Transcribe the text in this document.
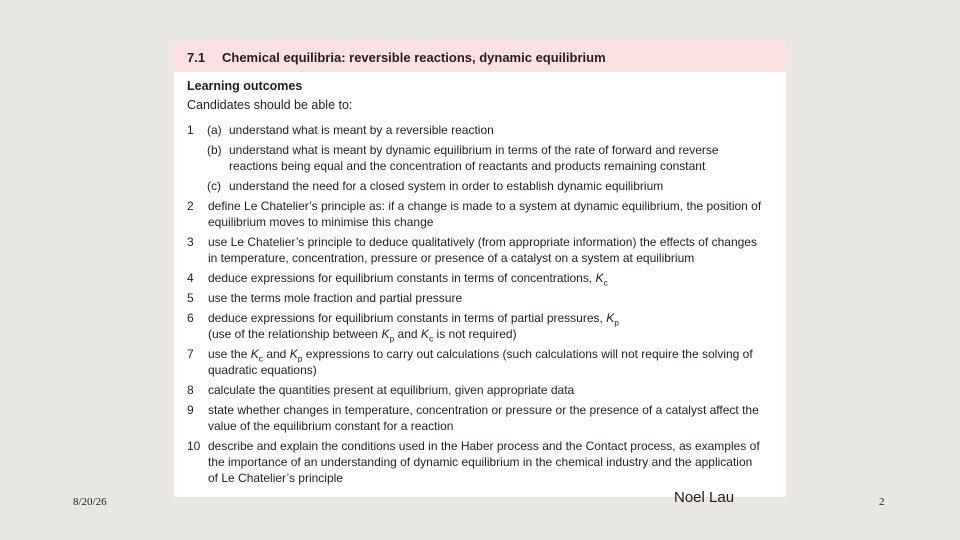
7.1 Chemical equilibria: reversible reactions, dynamic equilibrium
Learning outcomes
Candidates should be able to:
1 (a) understand what is meant by a reversible reaction
(b) understand what is meant by dynamic equilibrium in terms of the rate of forward and reverse
reactions being equal and the concentration of reactants and products remaining constant
(c) understand the need for a closed system in order to establish dynamic equilibrium
2 define Le Chatelier’s principle as: if a change is made to a system at dynamic equilibrium, the position of
equilibrium moves to minimise this change
3 use Le Chatelier’s principle to deduce qualitatively (from appropriate information) the effects of changes
in temperature, concentration, pressure or presence of a catalyst on a system at equilibrium
4 deduce expressions for equilibrium constants in terms of concentrations, $K_c$
5 use the terms mole fraction and partial pressure
6 deduce expressions for equilibrium constants in terms of partial pressures, $K_p$
(use of the relationship between $K_p$ and $K_c$ is not required)
7 use the $K_c$ and $K_p$ expressions to carry out calculations (such calculations will not require the solving of
quadratic equations)
8 calculate the quantities present at equilibrium, given appropriate data
9 state whether changes in temperature, concentration or pressure or the presence of a catalyst affect the
value of the equilibrium constant for a reaction
10 describe and explain the conditions used in the Haber process and the Contact process, as examples of
the importance of an understanding of dynamic equilibrium in the chemical industry and the application
of Le Chatelier’s principle
8/20/26	Noel Lau	2
